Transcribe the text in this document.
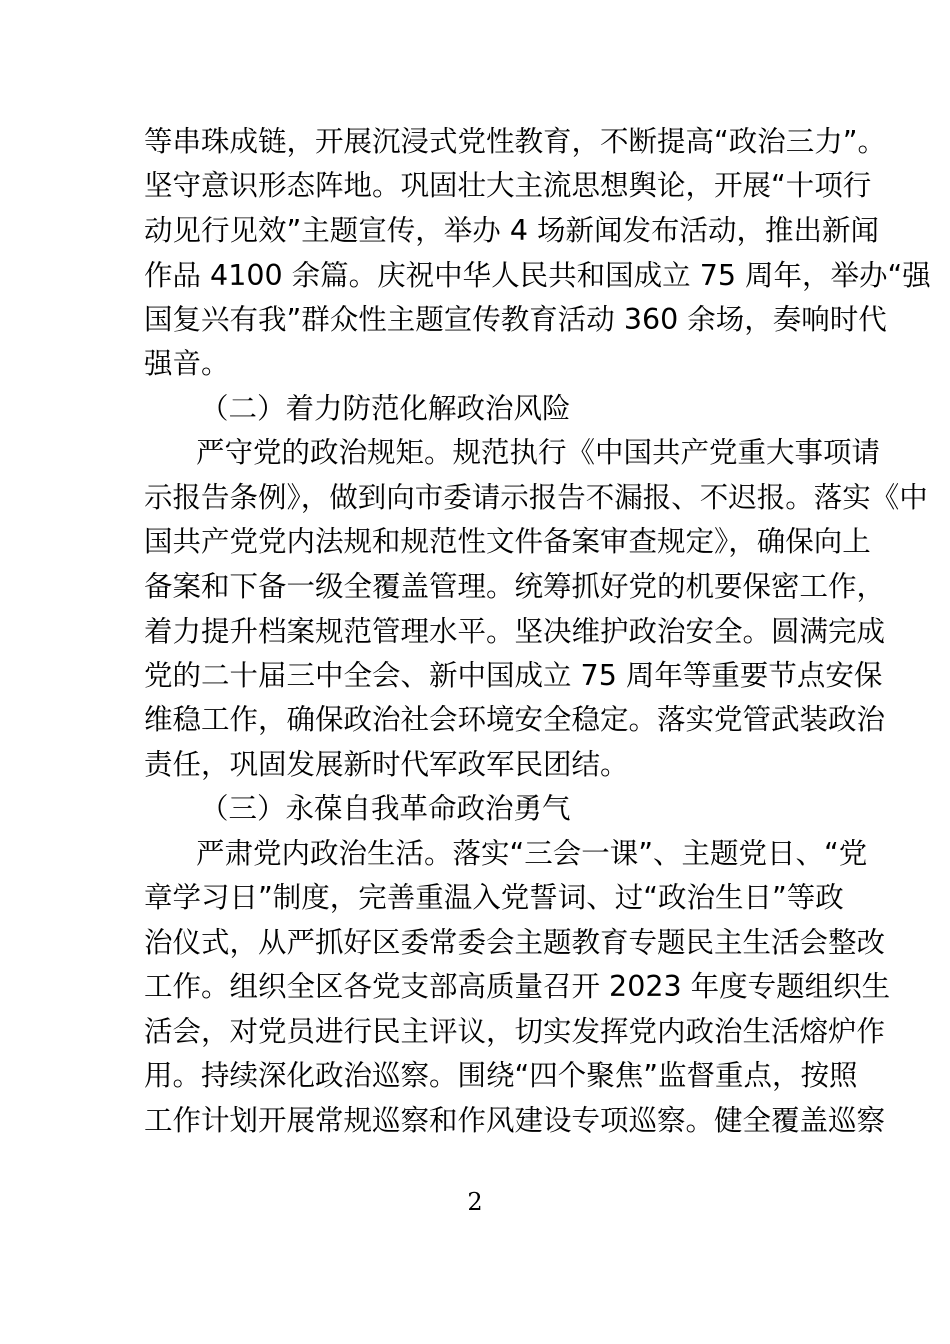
等串珠成链，开展沉浸式党性教育，不断提高“政治三力”。
坚守意识形态阵地。巩固壮大主流思想舆论，开展“十项行
动见行见效”主题宣传，举办 4 场新闻发布活动，推出新闻
作品 4100 余篇。庆祝中华人民共和国成立 75 周年，举办“强
国复兴有我”群众性主题宣传教育活动 360 余场，奏响时代
强音。
（二）着力防范化解政治风险
严守党的政治规矩。规范执行《中国共产党重大事项请
示报告条例》，做到向市委请示报告不漏报、不迟报。落实《中
国共产党党内法规和规范性文件备案审查规定》，确保向上
备案和下备一级全覆盖管理。统筹抓好党的机要保密工作，
着力提升档案规范管理水平。坚决维护政治安全。圆满完成
党的二十届三中全会、新中国成立 75 周年等重要节点安保
维稳工作，确保政治社会环境安全稳定。落实党管武装政治
责任，巩固发展新时代军政军民团结。
（三）永葆自我革命政治勇气
严肃党内政治生活。落实“三会一课”、主题党日、“党
章学习日”制度，完善重温入党誓词、过“政治生日”等政
治仪式，从严抓好区委常委会主题教育专题民主生活会整改
工作。组织全区各党支部高质量召开 2023 年度专题组织生
活会，对党员进行民主评议，切实发挥党内政治生活熔炉作
用。持续深化政治巡察。围绕“四个聚焦”监督重点，按照
工作计划开展常规巡察和作风建设专项巡察。健全覆盖巡察
2
